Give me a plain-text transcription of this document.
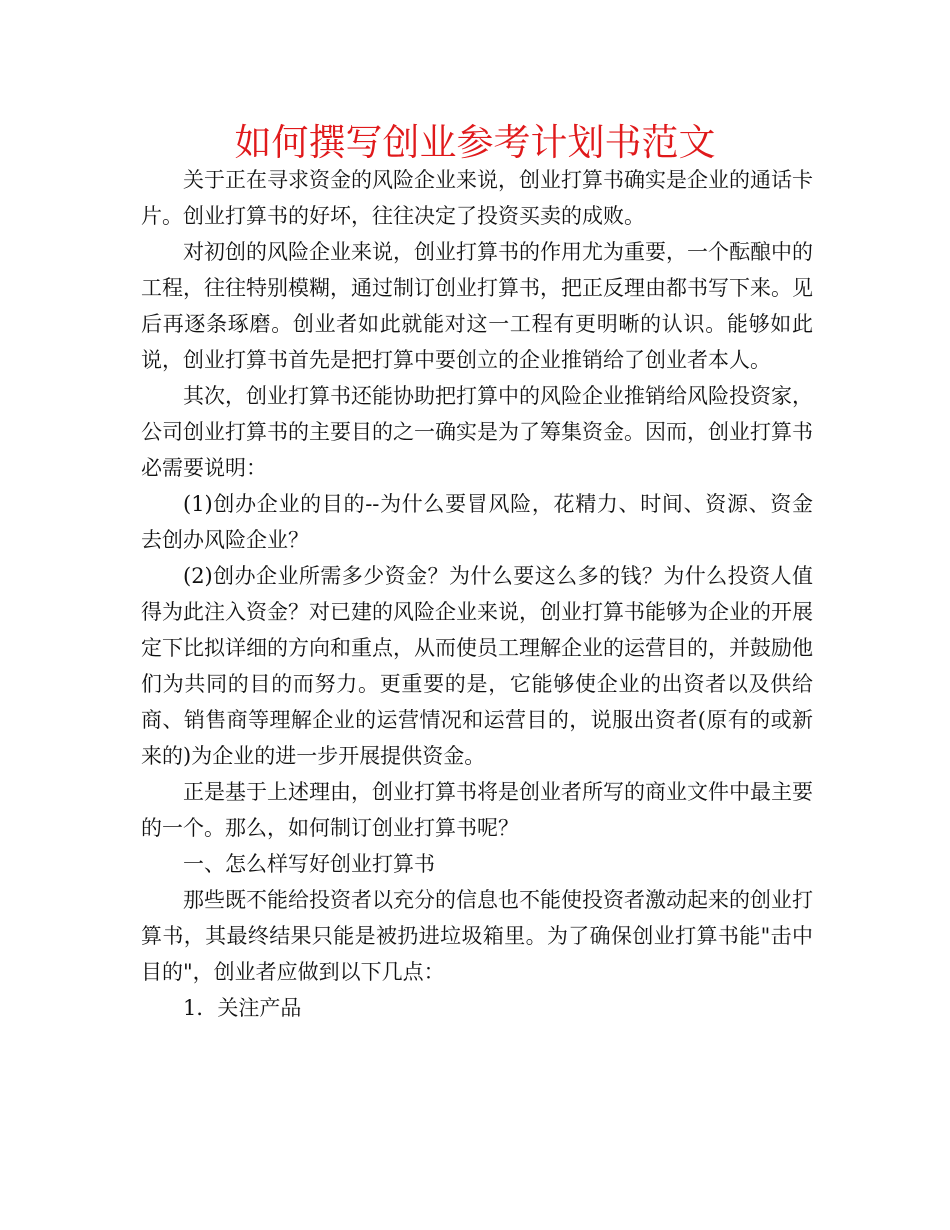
如何撰写创业参考计划书范文

关于正在寻求资金的风险企业来说，创业打算书确实是企业的通话卡片。创业打算书的好坏，往往决定了投资买卖的成败。

对初创的风险企业来说，创业打算书的作用尤为重要，一个酝酿中的工程，往往特别模糊，通过制订创业打算书，把正反理由都书写下来。见后再逐条琢磨。创业者如此就能对这一工程有更明晰的认识。能够如此说，创业打算书首先是把打算中要创立的企业推销给了创业者本人。

其次，创业打算书还能协助把打算中的风险企业推销给风险投资家，公司创业打算书的主要目的之一确实是为了筹集资金。因而，创业打算书必需要说明：

(1)创办企业的目的--为什么要冒风险，花精力、时间、资源、资金去创办风险企业？

(2)创办企业所需多少资金？为什么要这么多的钱？为什么投资人值得为此注入资金？对已建的风险企业来说，创业打算书能够为企业的开展定下比拟详细的方向和重点，从而使员工理解企业的运营目的，并鼓励他们为共同的目的而努力。更重要的是，它能够使企业的出资者以及供给商、销售商等理解企业的运营情况和运营目的，说服出资者(原有的或新来的)为企业的进一步开展提供资金。

正是基于上述理由，创业打算书将是创业者所写的商业文件中最主要的一个。那么，如何制订创业打算书呢？

一、怎么样写好创业打算书

那些既不能给投资者以充分的信息也不能使投资者激动起来的创业打算书，其最终结果只能是被扔进垃圾箱里。为了确保创业打算书能"击中目的"，创业者应做到以下几点：

1．关注产品
